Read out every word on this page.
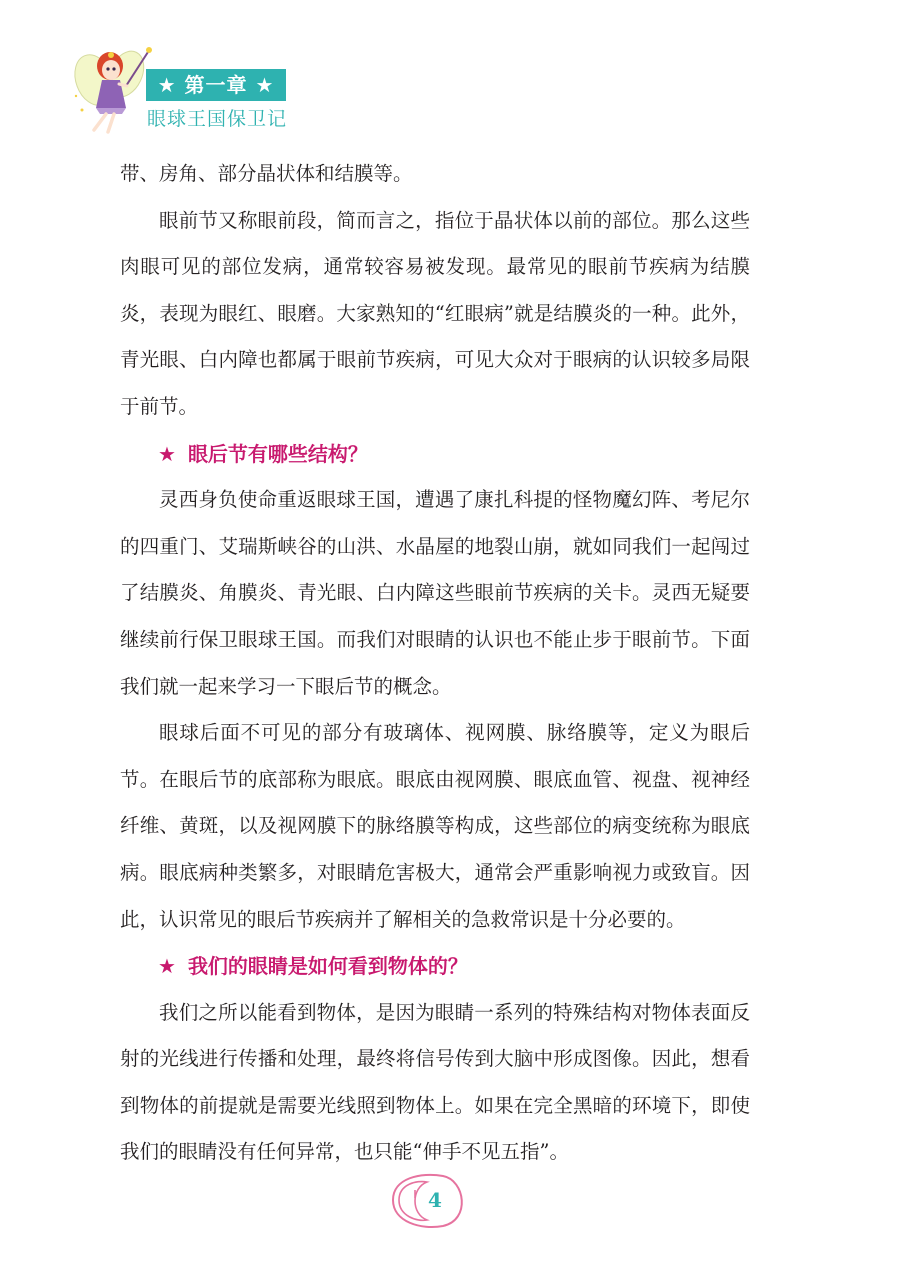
★ 第一章 ★
眼球王国保卫记

带、房角、部分晶状体和结膜等。

眼前节又称眼前段，简而言之，指位于晶状体以前的部位。那么这些肉眼可见的部位发病，通常较容易被发现。最常见的眼前节疾病为结膜炎，表现为眼红、眼磨。大家熟知的“红眼病”就是结膜炎的一种。此外，青光眼、白内障也都属于眼前节疾病，可见大众对于眼病的认识较多局限于前节。

★ 眼后节有哪些结构？

灵西身负使命重返眼球王国，遭遇了康扎科提的怪物魔幻阵、考尼尔的四重门、艾瑞斯峡谷的山洪、水晶屋的地裂山崩，就如同我们一起闯过了结膜炎、角膜炎、青光眼、白内障这些眼前节疾病的关卡。灵西无疑要继续前行保卫眼球王国。而我们对眼睛的认识也不能止步于眼前节。下面我们就一起来学习一下眼后节的概念。

眼球后面不可见的部分有玻璃体、视网膜、脉络膜等，定义为眼后节。在眼后节的底部称为眼底。眼底由视网膜、眼底血管、视盘、视神经纤维、黄斑，以及视网膜下的脉络膜等构成，这些部位的病变统称为眼底病。眼底病种类繁多，对眼睛危害极大，通常会严重影响视力或致盲。因此，认识常见的眼后节疾病并了解相关的急救常识是十分必要的。

★ 我们的眼睛是如何看到物体的？

我们之所以能看到物体，是因为眼睛一系列的特殊结构对物体表面反射的光线进行传播和处理，最终将信号传到大脑中形成图像。因此，想看到物体的前提就是需要光线照到物体上。如果在完全黑暗的环境下，即使我们的眼睛没有任何异常，也只能“伸手不见五指”。

4
